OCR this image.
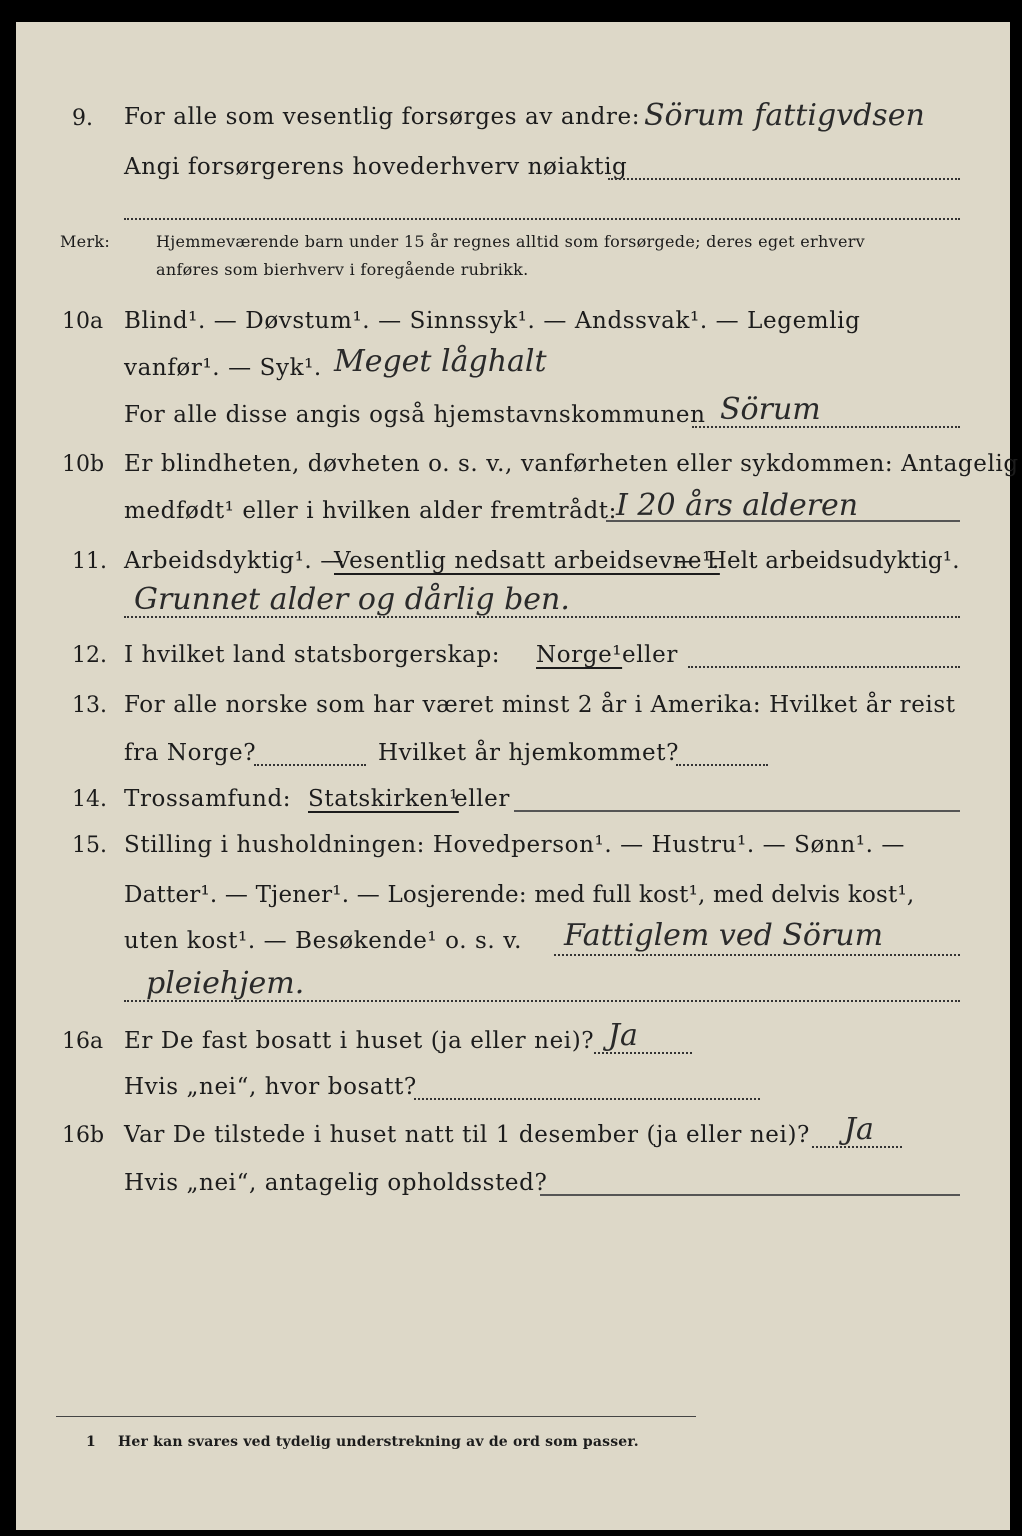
9. For alle som vesentlig forsørges av andre: Sörum fattigvdsen
Angi forsørgerens hovederhverv nøiaktig
Merk:	Hjemmeværende barn under 15 år regnes alltid som forsørgede; deres eget erhverv
anføres som bierhverv i foregående rubrikk.
10a Blind¹. — Døvstum¹. — Sinnssyk¹. — Andssvak¹. — Legemlig
vanfør¹. — Syk¹. Meget låghalt
For alle disse angis også hjemstavnskommunen Sörum
10b Er blindheten, døvheten o. s. v., vanførheten eller sykdommen: Antagelig
medfødt¹ eller i hvilken alder fremtrådt: I 20 års alderen
11. Arbeidsdyktig¹. —
Vesentlig nedsatt arbeidsevne¹.
— Helt arbeidsudyktig¹.
Grunnet alder og dårlig ben.
12. I hvilket land statsborgerskap: Norge¹ eller
13. For alle norske som har været minst 2 år i Amerika: Hvilket år reist
fra Norge?	Hvilket år hjemkommet?
14. Trossamfund: Statskirken¹
eller
15. Stilling i husholdningen: Hovedperson¹. — Hustru¹. — Sønn¹. —
Datter¹. — Tjener¹. — Losjerende: med full kost¹, med delvis kost¹,
uten kost¹. — Besøkende¹ o. s. v. Fattiglem ved Sörum
pleiehjem.
16a Er De fast bosatt i huset (ja eller nei)? Ja
Hvis „nei“, hvor bosatt?
16b Var De tilstede i huset natt til 1 desember (ja eller nei)? Ja
Hvis „nei“, antagelig opholdssted?
1 Her kan svares ved tydelig understrekning av de ord som passer.
